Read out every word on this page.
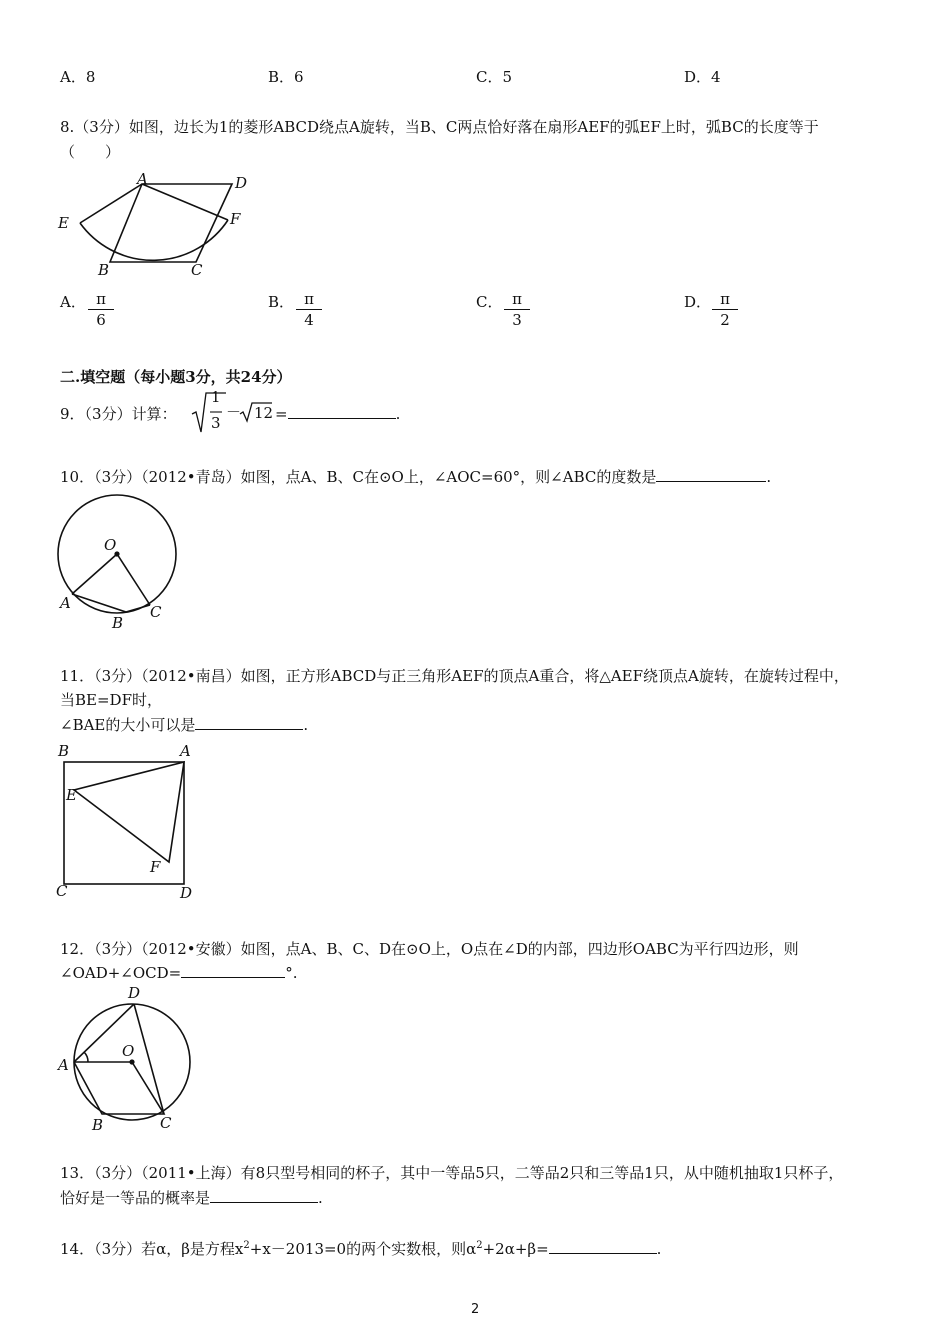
A．8	B．6	C．5	D．4
8.（3分）如图，边长为1的菱形ABCD绕点A旋转，当B、C两点恰好落在扇形AEF的弧EF上时，弧BC的长度等于
（　　）
A	D
E	F
B	C
A． $\frac{\pi}{6}$	B． $\frac{\pi}{4}$	C． $\frac{\pi}{3}$	D． $\frac{\pi}{2}$
二.填空题（每小题3分，共24分）
9．（3分）计算：
1
3
－ 12 =	.
10．（3分）（2012•青岛）如图，点A、B、C在⊙O上，∠AOC=60°，则∠ABC的度数是	.
O
A
B
C
11．（3分）（2012•南昌）如图，正方形ABCD与正三角形AEF的顶点A重合，将△AEF绕顶点A旋转，在旋转过程中，
当BE=DF时，
∠BAE的大小可以是	.
B	A
E
F
C	D
12．（3分）（2012•安徽）如图，点A、B、C、D在⊙O上，O点在∠D的内部，四边形OABC为平行四边形，则
∠OAD+∠OCD=	°.
D
O
A
B	C
13．（3分）（2011•上海）有8只型号相同的杯子，其中一等品5只，二等品2只和三等品1只，从中随机抽取1只杯子，
恰好是一等品的概率是	.
14．（3分）若α，β是方程$x^2+x-2013=0$的两个实数根，则$\alpha^2+2\alpha+\beta=$	.
2
